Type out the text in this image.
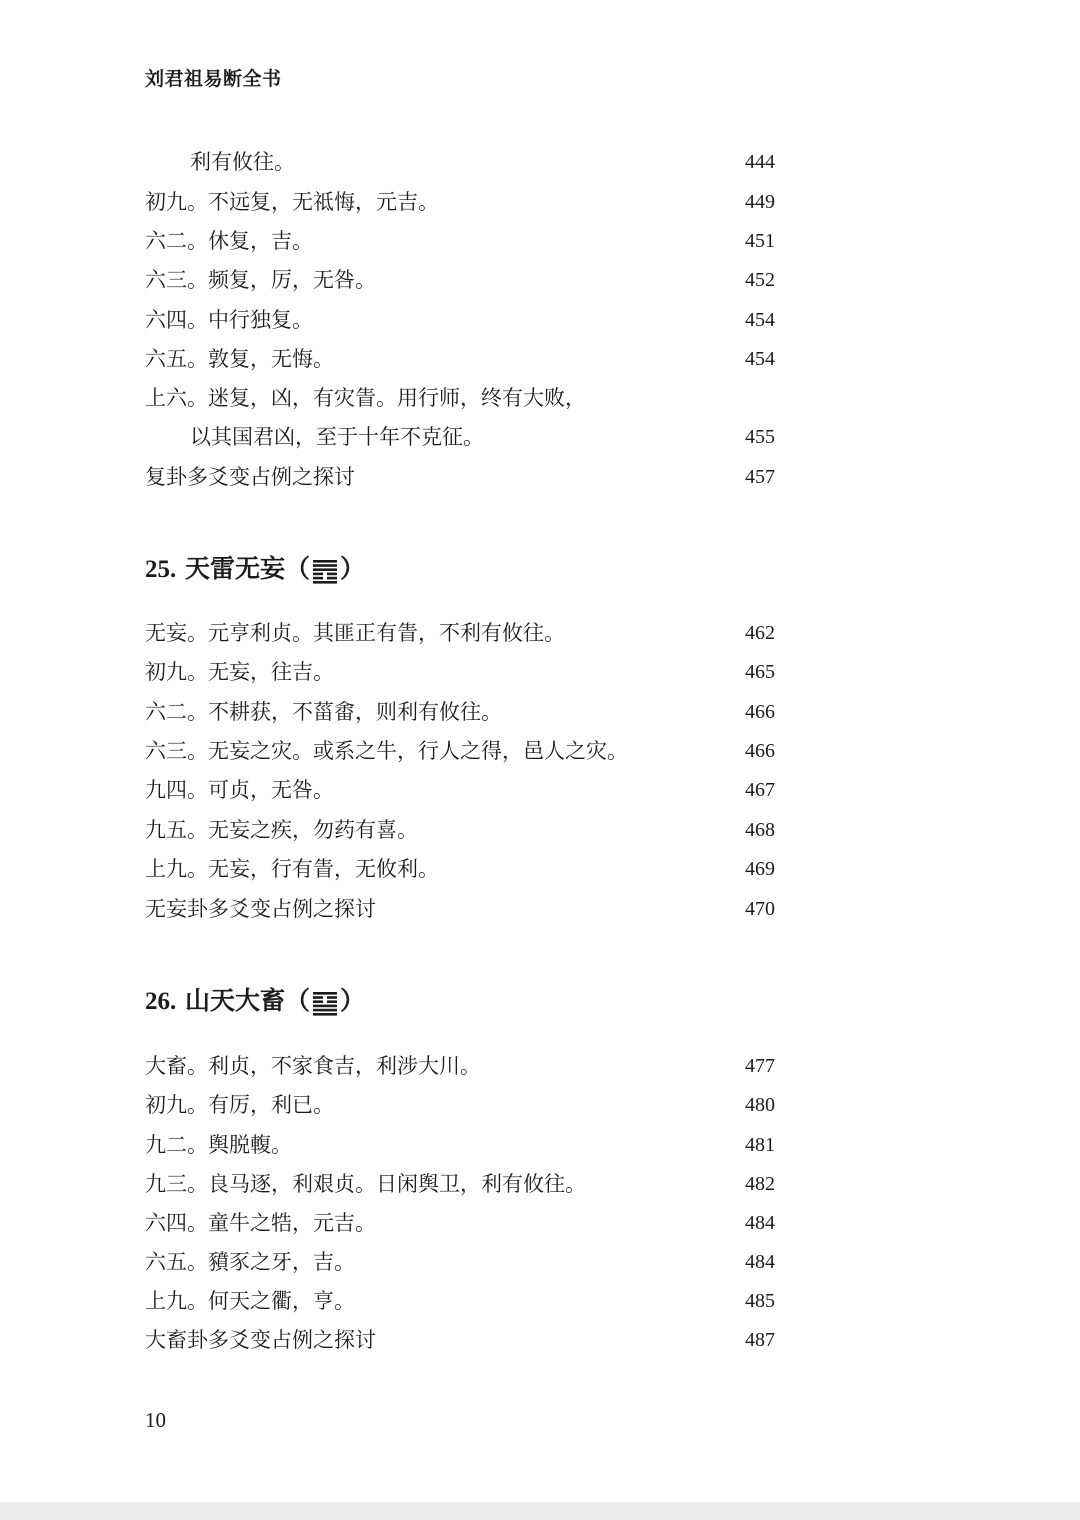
刘君祖易断全书
利有攸往。	444
初九。不远复，无祗悔，元吉。	449
六二。休复，吉。	451
六三。频复，厉，无咎。	452
六四。中行独复。	454
六五。敦复，无悔。	454
上六。迷复，凶，有灾眚。用行师，终有大败，
以其国君凶，至于十年不克征。	455
复卦多爻变占例之探讨	457
25. 天雷无妄（ ）
无妄。元亨利贞。其匪正有眚，不利有攸往。	462
初九。无妄，往吉。	465
六二。不耕获，不菑畬，则利有攸往。	466
六三。无妄之灾。或系之牛，行人之得，邑人之灾。	466
九四。可贞，无咎。	467
九五。无妄之疾，勿药有喜。	468
上九。无妄，行有眚，无攸利。	469
无妄卦多爻变占例之探讨	470
26. 山天大畜（ ）
大畜。利贞，不家食吉，利涉大川。	477
初九。有厉，利已。	480
九二。舆脱輹。	481
九三。良马逐，利艰贞。日闲舆卫，利有攸往。	482
六四。童牛之牿，元吉。	484
六五。豶豕之牙，吉。	484
上九。何天之衢，亨。	485
大畜卦多爻变占例之探讨	487
10
